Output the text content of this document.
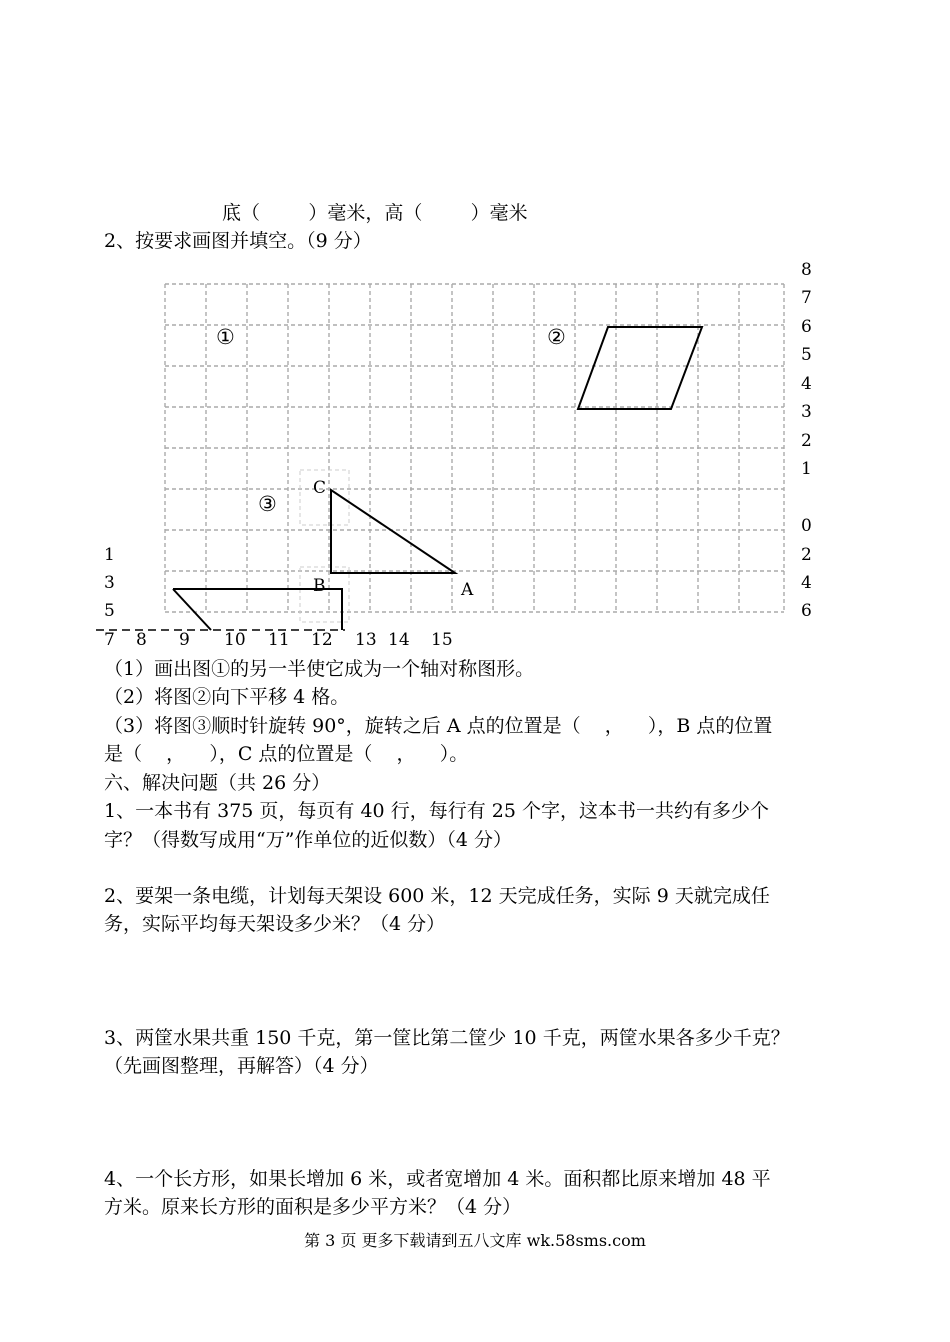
底（        ）毫米，高（        ）毫米
2、按要求画图并填空。（9 分）
①	②
③
C
B	A
8
7
6
5
4
3
2
1
0
2
4
6
1
3
5
7 8 9 10 11 12 13 14 15
（1）画出图①的另一半使它成为一个轴对称图形。
（2）将图②向下平移 4 格。
（3）将图③顺时针旋转 90°，旋转之后 A 点的位置是（    ，    ），B 点的位置
是（    ，    ），C 点的位置是（    ，    ）。
六、解决问题（共 26 分）
1、一本书有 375 页，每页有 40 行，每行有 25 个字，这本书一共约有多少个
字？（得数写成用“万”作单位的近似数）（4 分）
2、要架一条电缆，计划每天架设 600 米，12 天完成任务，实际 9 天就完成任
务，实际平均每天架设多少米？（4 分）
3、两筐水果共重 150 千克，第一筐比第二筐少 10 千克，两筐水果各多少千克？
（先画图整理，再解答）（4 分）
4、一个长方形，如果长增加 6 米，或者宽增加 4 米。面积都比原来增加 48 平
方米。原来长方形的面积是多少平方米？（4 分）
第 3 页 更多下载请到五八文库 wk.58sms.com
